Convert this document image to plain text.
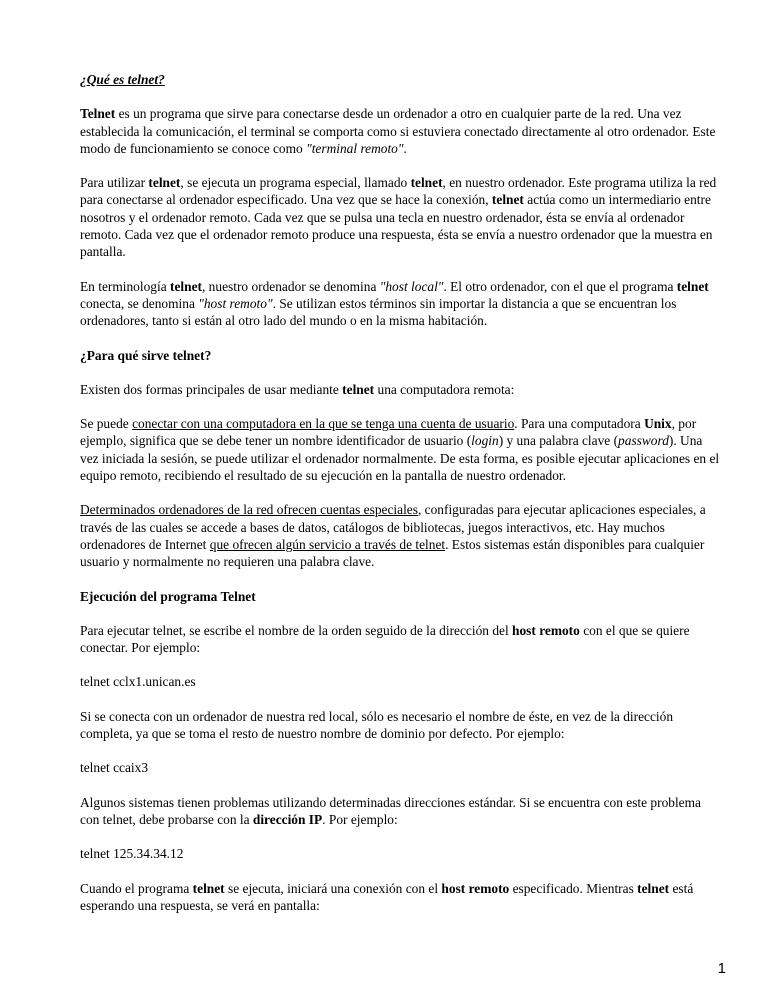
¿Qué es telnet?

Telnet es un programa que sirve para conectarse desde un ordenador a otro en cualquier parte de la red. Una vez establecida la comunicación, el terminal se comporta como si estuviera conectado directamente al otro ordenador. Este modo de funcionamiento se conoce como "terminal remoto".

Para utilizar telnet, se ejecuta un programa especial, llamado telnet, en nuestro ordenador. Este programa utiliza la red para conectarse al ordenador especificado. Una vez que se hace la conexión, telnet actúa como un intermediario entre nosotros y el ordenador remoto. Cada vez que se pulsa una tecla en nuestro ordenador, ésta se envía al ordenador remoto. Cada vez que el ordenador remoto produce una respuesta, ésta se envía a nuestro ordenador que la muestra en pantalla.

En terminología telnet, nuestro ordenador se denomina "host local". El otro ordenador, con el que el programa telnet conecta, se denomina "host remoto". Se utilizan estos términos sin importar la distancia a que se encuentran los ordenadores, tanto si están al otro lado del mundo o en la misma habitación.

¿Para qué sirve telnet?

Existen dos formas principales de usar mediante telnet una computadora remota:

Se puede conectar con una computadora en la que se tenga una cuenta de usuario. Para una computadora Unix, por ejemplo, significa que se debe tener un nombre identificador de usuario (login) y una palabra clave (password). Una vez iniciada la sesión, se puede utilizar el ordenador normalmente. De esta forma, es posible ejecutar aplicaciones en el equipo remoto, recibiendo el resultado de su ejecución en la pantalla de nuestro ordenador.

Determinados ordenadores de la red ofrecen cuentas especiales, configuradas para ejecutar aplicaciones especiales, a través de las cuales se accede a bases de datos, catálogos de bibliotecas, juegos interactivos, etc. Hay muchos ordenadores de Internet que ofrecen algún servicio a través de telnet. Estos sistemas están disponibles para cualquier usuario y normalmente no requieren una palabra clave.

Ejecución del programa Telnet

Para ejecutar telnet, se escribe el nombre de la orden seguido de la dirección del host remoto con el que se quiere conectar. Por ejemplo:

telnet cclx1.unican.es

Si se conecta con un ordenador de nuestra red local, sólo es necesario el nombre de éste, en vez de la dirección completa, ya que se toma el resto de nuestro nombre de dominio por defecto. Por ejemplo:

telnet ccaix3

Algunos sistemas tienen problemas utilizando determinadas direcciones estándar. Si se encuentra con este problema con telnet, debe probarse con la dirección IP. Por ejemplo:

telnet 125.34.34.12

Cuando el programa telnet se ejecuta, iniciará una conexión con el host remoto especificado. Mientras telnet está esperando una respuesta, se verá en pantalla:

1
